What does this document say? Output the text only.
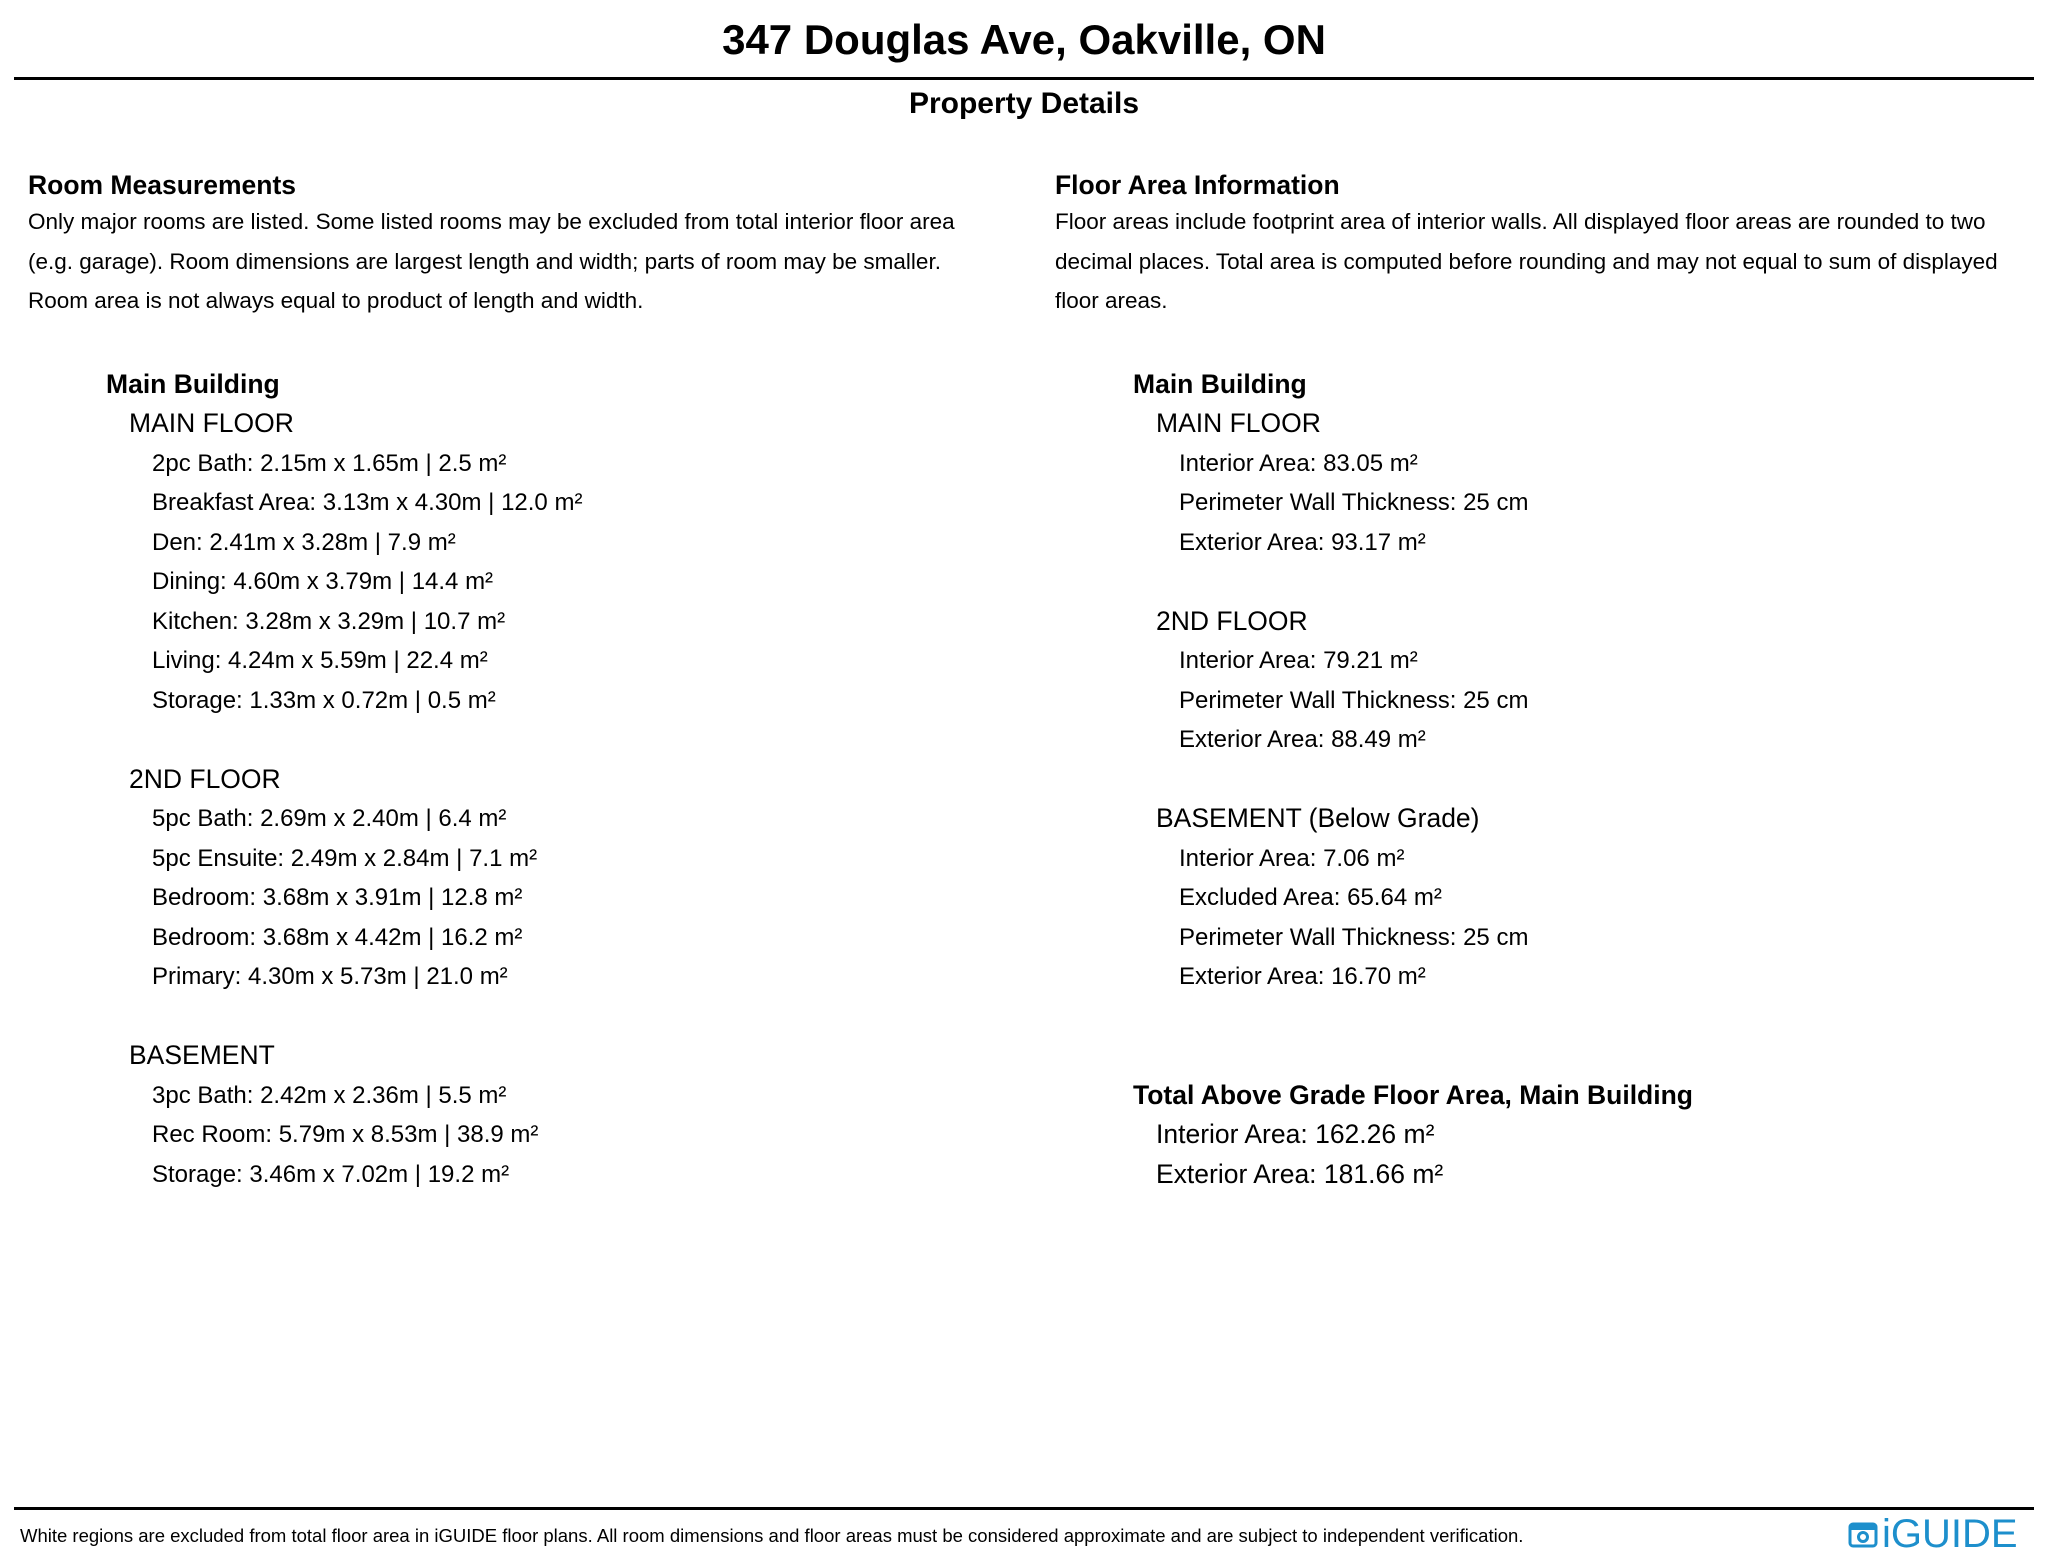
347 Douglas Ave, Oakville, ON
Property Details
Room Measurements
Only major rooms are listed. Some listed rooms may be excluded from total interior floor area
(e.g. garage). Room dimensions are largest length and width; parts of room may be smaller.
Room area is not always equal to product of length and width.
Main Building
MAIN FLOOR
2pc Bath: 2.15m x 1.65m | 2.5 m²
Breakfast Area: 3.13m x 4.30m | 12.0 m²
Den: 2.41m x 3.28m | 7.9 m²
Dining: 4.60m x 3.79m | 14.4 m²
Kitchen: 3.28m x 3.29m | 10.7 m²
Living: 4.24m x 5.59m | 22.4 m²
Storage: 1.33m x 0.72m | 0.5 m²
2ND FLOOR
5pc Bath: 2.69m x 2.40m | 6.4 m²
5pc Ensuite: 2.49m x 2.84m | 7.1 m²
Bedroom: 3.68m x 3.91m | 12.8 m²
Bedroom: 3.68m x 4.42m | 16.2 m²
Primary: 4.30m x 5.73m | 21.0 m²
BASEMENT
3pc Bath: 2.42m x 2.36m | 5.5 m²
Rec Room: 5.79m x 8.53m | 38.9 m²
Storage: 3.46m x 7.02m | 19.2 m²
Floor Area Information
Floor areas include footprint area of interior walls. All displayed floor areas are rounded to two
decimal places. Total area is computed before rounding and may not equal to sum of displayed
floor areas.
Main Building
MAIN FLOOR
Interior Area: 83.05 m²
Perimeter Wall Thickness: 25 cm
Exterior Area: 93.17 m²
2ND FLOOR
Interior Area: 79.21 m²
Perimeter Wall Thickness: 25 cm
Exterior Area: 88.49 m²
BASEMENT (Below Grade)
Interior Area: 7.06 m²
Excluded Area: 65.64 m²
Perimeter Wall Thickness: 25 cm
Exterior Area: 16.70 m²
Total Above Grade Floor Area, Main Building
Interior Area: 162.26 m²
Exterior Area: 181.66 m²
White regions are excluded from total floor area in iGUIDE floor plans. All room dimensions and floor areas must be considered approximate and are subject to independent verification.	iGUIDE
